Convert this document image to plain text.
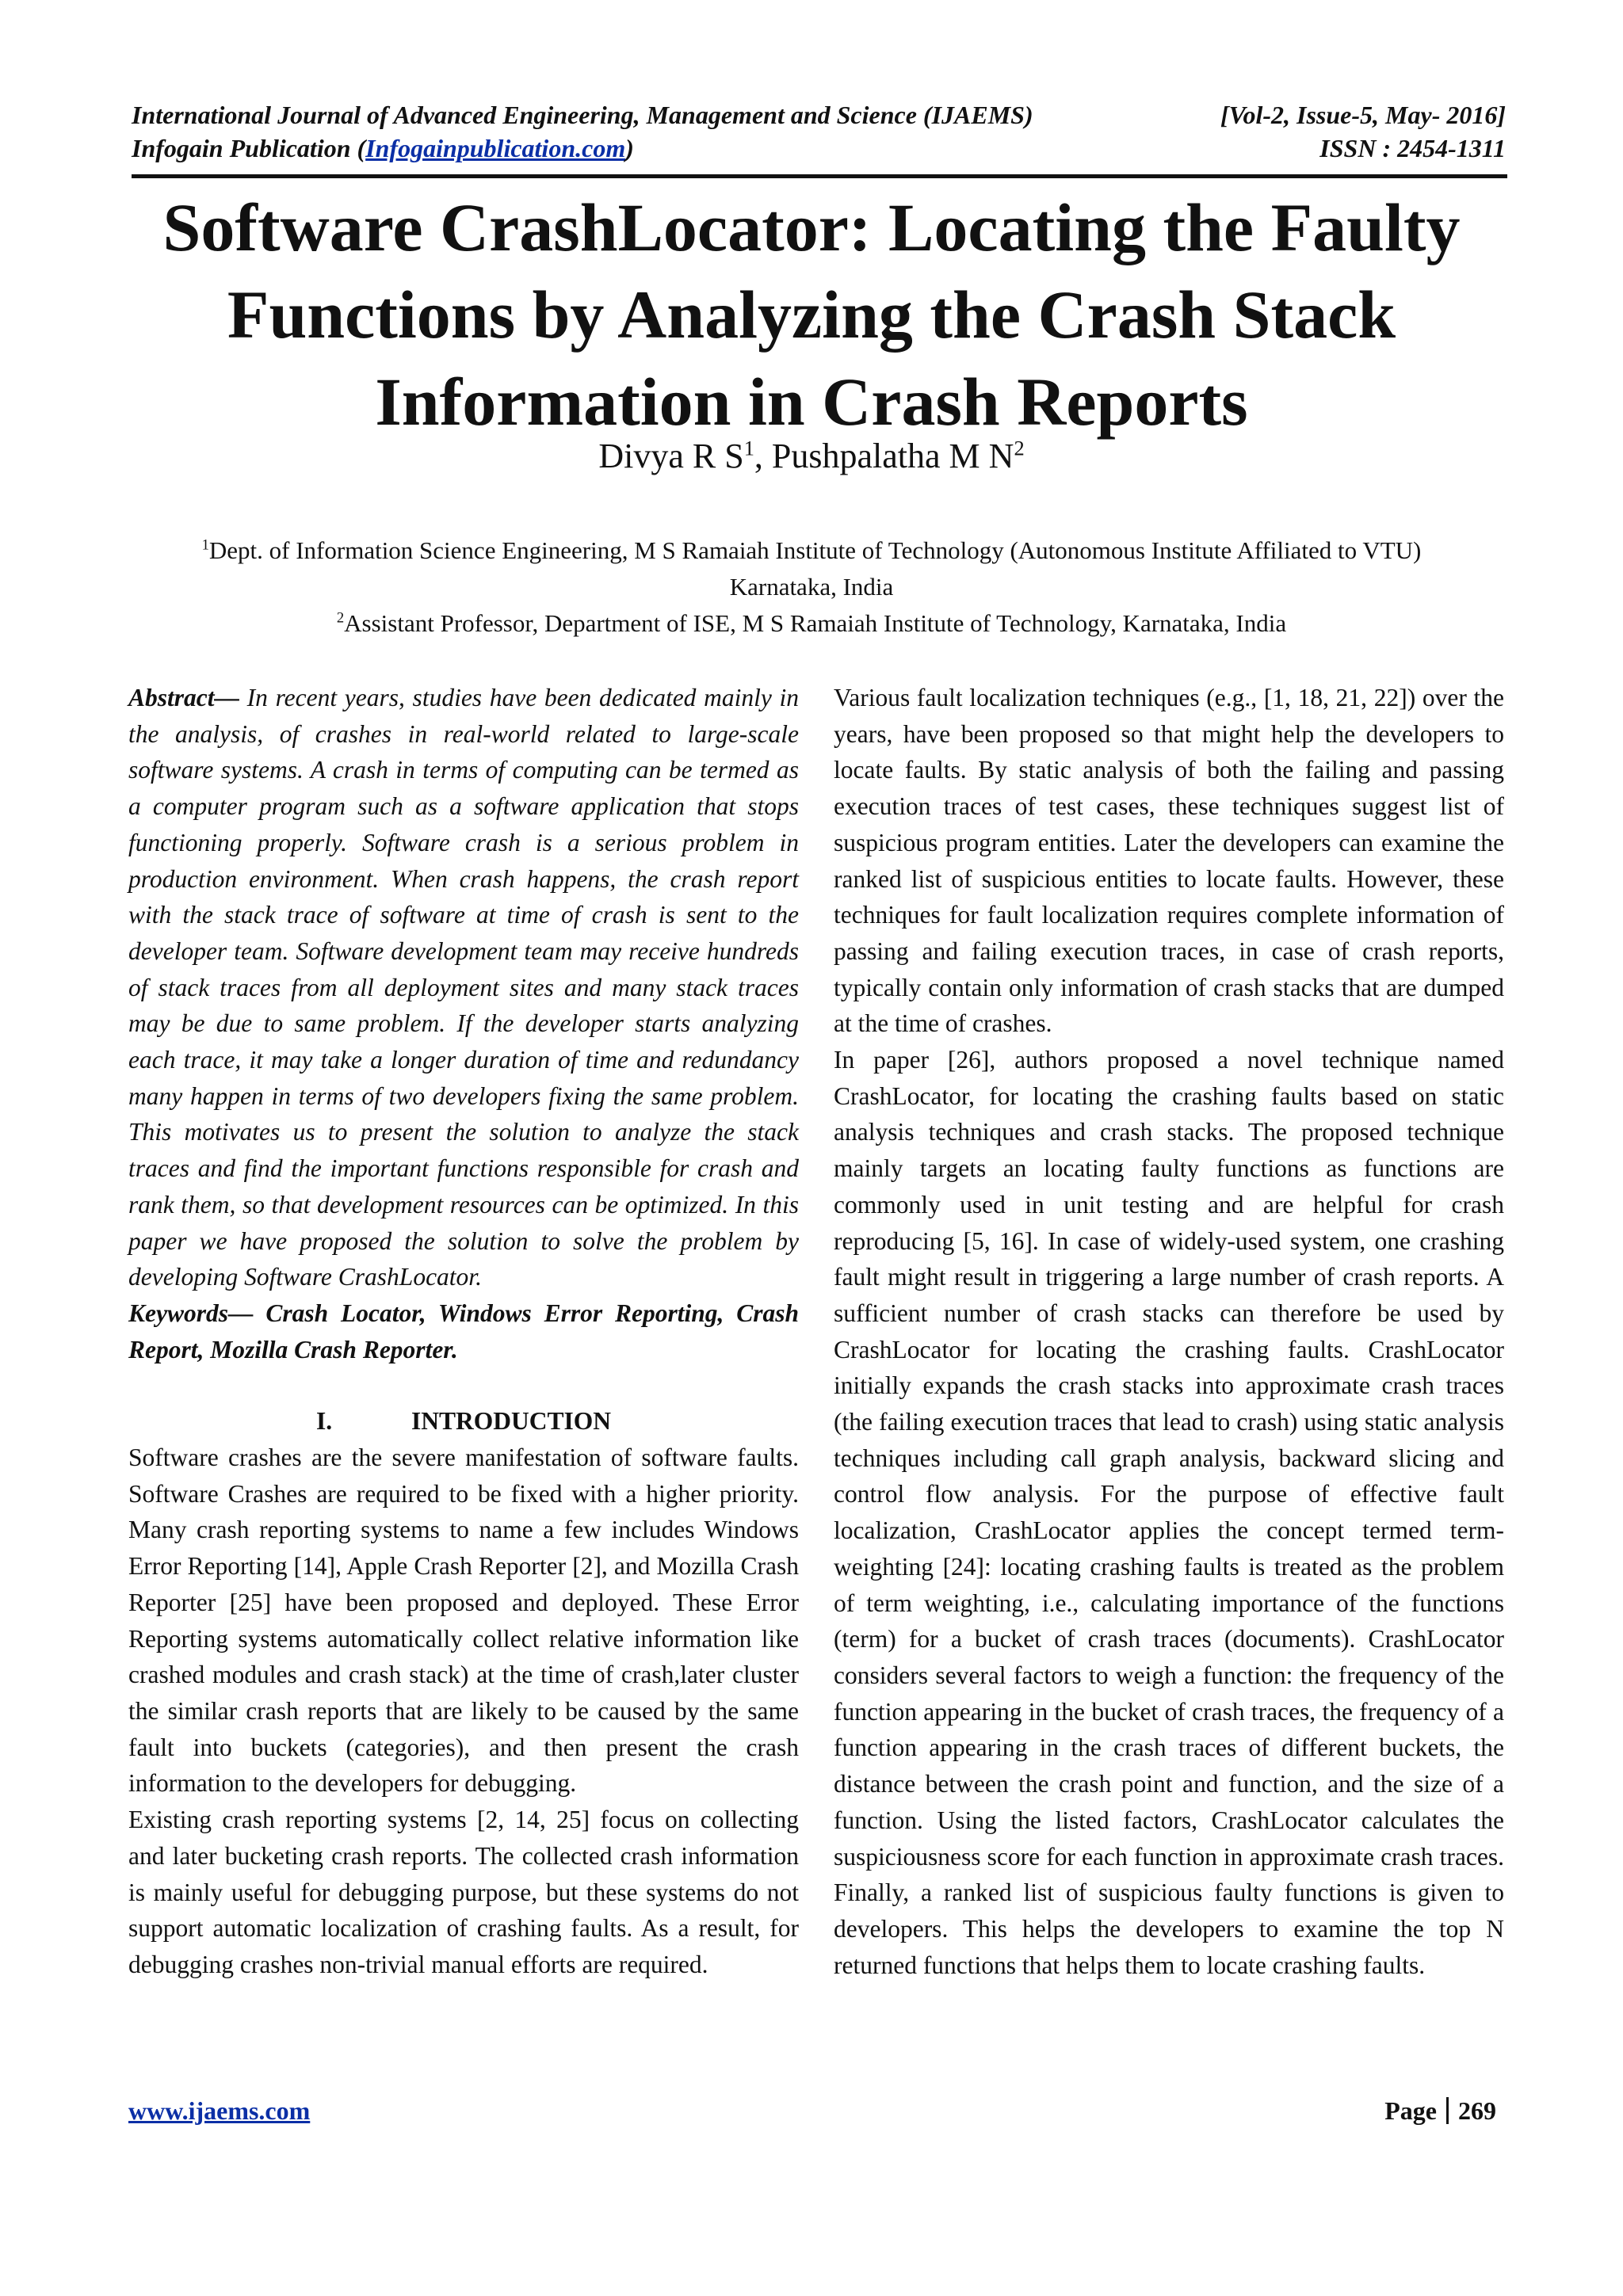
International Journal of Advanced Engineering, Management and Science (IJAEMS)	[Vol-2, Issue-5, May- 2016]
Infogain Publication (Infogainpublication.com)	ISSN : 2454-1311
Software CrashLocator: Locating the Faulty Functions by Analyzing the Crash Stack Information in Crash Reports
Divya R $S^1$, Pushpalatha M $N^2$
$^1$Dept. of Information Science Engineering, M S Ramaiah Institute of Technology (Autonomous Institute Affiliated to VTU)
Karnataka, India
$^2$Assistant Professor, Department of ISE, M S Ramaiah Institute of Technology, Karnataka, India

Abstract— In recent years, studies have been dedicated mainly in the analysis, of crashes in real-world related to large-scale software systems. A crash in terms of computing can be termed as a computer program such as a software application that stops functioning properly. Software crash is a serious problem in production environment. When crash happens, the crash report with the stack trace of software at time of crash is sent to the developer team. Software development team may receive hundreds of stack traces from all deployment sites and many stack traces may be due to same problem. If the developer starts analyzing each trace, it may take a longer duration of time and redundancy many happen in terms of two developers fixing the same problem. This motivates us to present the solution to analyze the stack traces and find the important functions responsible for crash and rank them, so that development resources can be optimized. In this paper we have proposed the solution to solve the problem by developing Software CrashLocator.

Keywords— Crash Locator, Windows Error Reporting, Crash Report, Mozilla Crash Reporter.

I.	INTRODUCTION

Software crashes are the severe manifestation of software faults. Software Crashes are required to be fixed with a higher priority. Many crash reporting systems to name a few includes Windows Error Reporting [14], Apple Crash Reporter [2], and Mozilla Crash Reporter [25] have been proposed and deployed. These Error Reporting systems automatically collect relative information like crashed modules and crash stack) at the time of crash,later cluster the similar crash reports that are likely to be caused by the same fault into buckets (categories), and then present the crash information to the developers for debugging.

Existing crash reporting systems [2, 14, 25] focus on collecting and later bucketing crash reports. The collected crash information is mainly useful for debugging purpose, but these systems do not support automatic localization of crashing faults. As a result, for debugging crashes non-trivial manual efforts are required.

Various fault localization techniques (e.g., [1, 18, 21, 22]) over the years, have been proposed so that might help the developers to locate faults. By static analysis of both the failing and passing execution traces of test cases, these techniques suggest list of suspicious program entities. Later the developers can examine the ranked list of suspicious entities to locate faults. However, these techniques for fault localization requires complete information of passing and failing execution traces, in case of crash reports, typically contain only information of crash stacks that are dumped at the time of crashes.

In paper [26], authors proposed a novel technique named CrashLocator, for locating the crashing faults based on static analysis techniques and crash stacks. The proposed technique mainly targets an locating faulty functions as functions are commonly used in unit testing and are helpful for crash reproducing [5, 16]. In case of widely-used system, one crashing fault might result in triggering a large number of crash reports. A sufficient number of crash stacks can therefore be used by CrashLocator for locating the crashing faults. CrashLocator initially expands the crash stacks into approximate crash traces (the failing execution traces that lead to crash) using static analysis techniques including call graph analysis, backward slicing and control flow analysis. For the purpose of effective fault localization, CrashLocator applies the concept termed term-weighting [24]: locating crashing faults is treated as the problem of term weighting, i.e., calculating importance of the functions (term) for a bucket of crash traces (documents). CrashLocator considers several factors to weigh a function: the frequency of the function appearing in the bucket of crash traces, the frequency of a function appearing in the crash traces of different buckets, the distance between the crash point and function, and the size of a function. Using the listed factors, CrashLocator calculates the suspiciousness score for each function in approximate crash traces. Finally, a ranked list of suspicious faulty functions is given to developers. This helps the developers to examine the top N returned functions that helps them to locate crashing faults.

www.ijaems.com	Page 269
